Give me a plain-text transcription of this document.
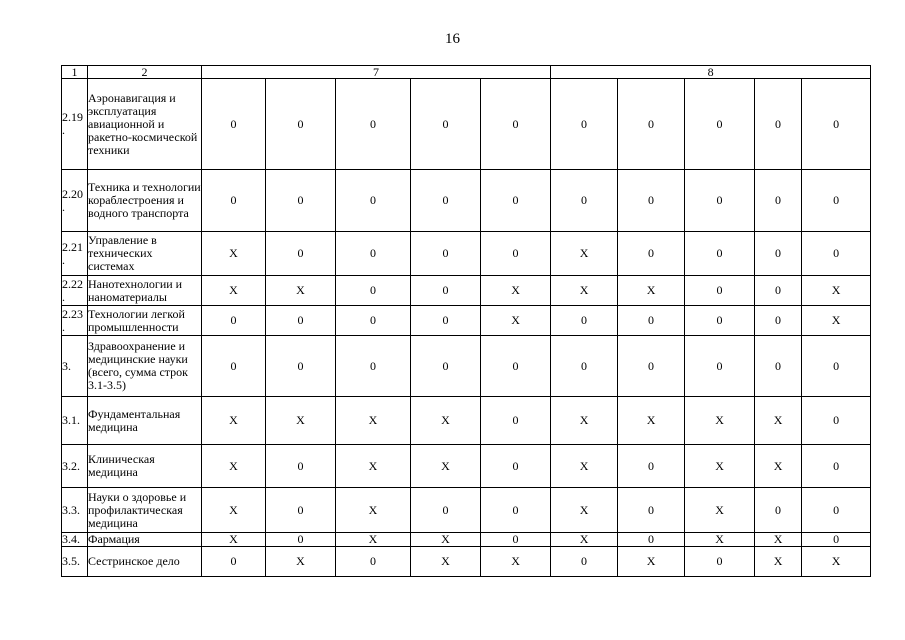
16
1	2	7					8				
2.19
.	Аэронавигация и эксплуатация авиационной и ракетно-космической техники	0	0	0	0	0	0	0	0	0	0
2.20
.	Техника и технологии кораблестроения и водного транспорта	0	0	0	0	0	0	0	0	0	0
2.21
.	Управление в технических системах	X	0	0	0	0	X	0	0	0	0
2.22
.	Нанотехнологии и наноматериалы	X	X	0	0	X	X	X	0	0	X
2.23
.	Технологии легкой промышленности	0	0	0	0	X	0	0	0	0	X
3.	Здравоохранение и медицинские науки (всего, сумма строк 3.1-3.5)	0	0	0	0	0	0	0	0	0	0
3.1.	Фундаментальная медицина	X	X	X	X	0	X	X	X	X	0
3.2.	Клиническая медицина	X	0	X	X	0	X	0	X	X	0
3.3.	Науки о здоровье и профилактическая медицина	X	0	X	0	0	X	0	X	0	0
3.4.	Фармация	X	0	X	X	0	X	0	X	X	0
3.5.	Сестринское дело	0	X	0	X	X	0	X	0	X	X
